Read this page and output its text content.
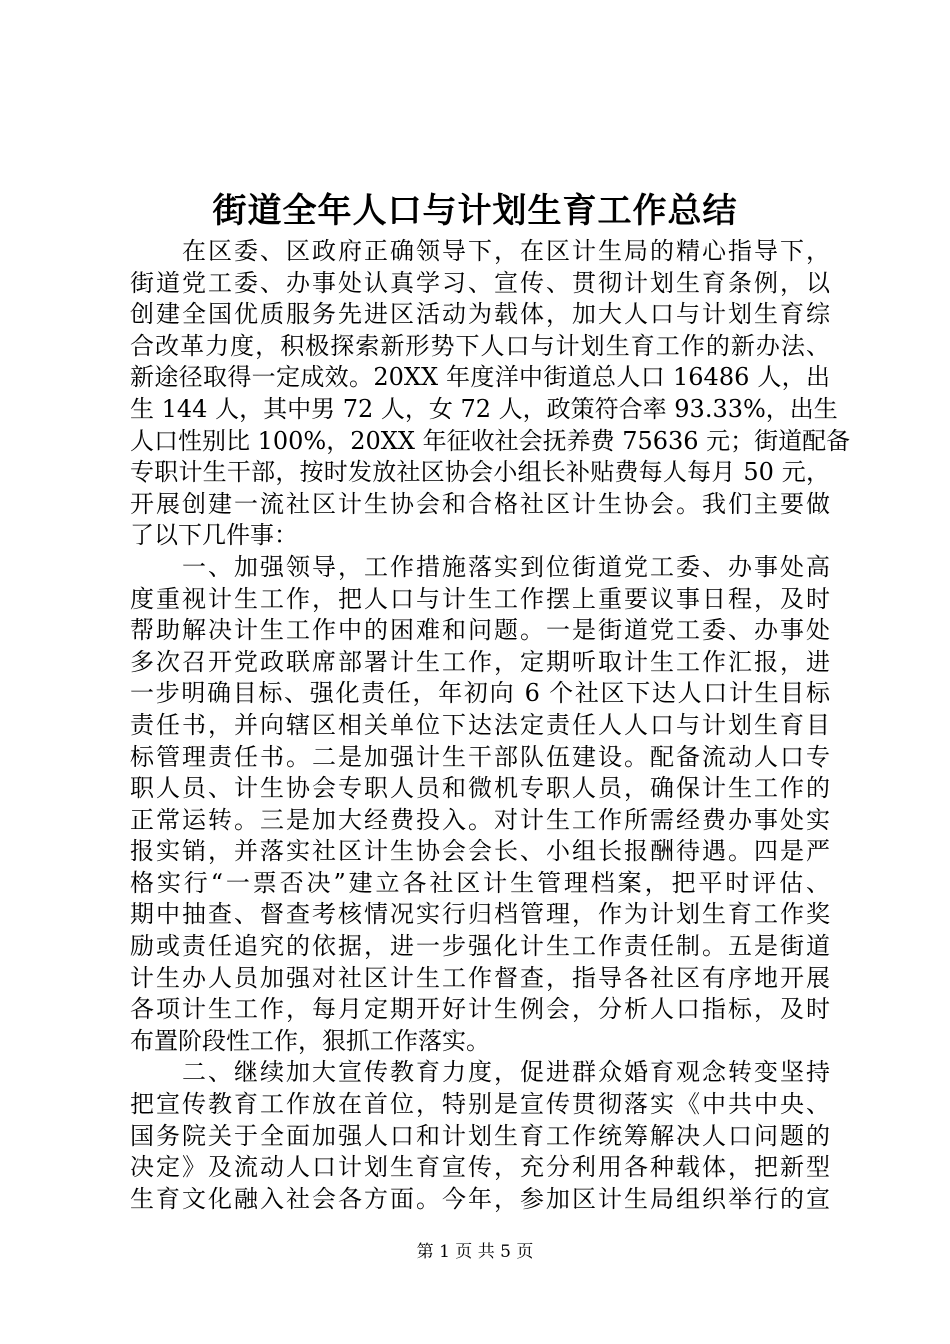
街道全年人口与计划生育工作总结
在区委、区政府正确领导下，在区计生局的精心指导下，
街道党工委、办事处认真学习、宣传、贯彻计划生育条例，以
创建全国优质服务先进区活动为载体，加大人口与计划生育综
合改革力度，积极探索新形势下人口与计划生育工作的新办法、
新途径取得一定成效。20XX 年度洋中街道总人口 16486 人，出
生 144 人，其中男 72 人，女 72 人，政策符合率 93.33%，出生
人口性别比 100%，20XX 年征收社会抚养费 75636 元；街道配备
专职计生干部，按时发放社区协会小组长补贴费每人每月 50 元，
开展创建一流社区计生协会和合格社区计生协会。我们主要做
了以下几件事：
一、加强领导，工作措施落实到位街道党工委、办事处高
度重视计生工作，把人口与计生工作摆上重要议事日程，及时
帮助解决计生工作中的困难和问题。一是街道党工委、办事处
多次召开党政联席部署计生工作，定期听取计生工作汇报，进
一步明确目标、强化责任，年初向 6 个社区下达人口计生目标
责任书，并向辖区相关单位下达法定责任人人口与计划生育目
标管理责任书。二是加强计生干部队伍建设。配备流动人口专
职人员、计生协会专职人员和微机专职人员，确保计生工作的
正常运转。三是加大经费投入。对计生工作所需经费办事处实
报实销，并落实社区计生协会会长、小组长报酬待遇。四是严
格实行“一票否决”建立各社区计生管理档案，把平时评估、
期中抽查、督查考核情况实行归档管理，作为计划生育工作奖
励或责任追究的依据，进一步强化计生工作责任制。五是街道
计生办人员加强对社区计生工作督查，指导各社区有序地开展
各项计生工作，每月定期开好计生例会，分析人口指标，及时
布置阶段性工作，狠抓工作落实。
二、继续加大宣传教育力度，促进群众婚育观念转变坚持
把宣传教育工作放在首位，特别是宣传贯彻落实《中共中央、
国务院关于全面加强人口和计划生育工作统筹解决人口问题的
决定》及流动人口计划生育宣传，充分利用各种载体，把新型
生育文化融入社会各方面。今年，参加区计生局组织举行的宣
第 1 页 共 5 页
